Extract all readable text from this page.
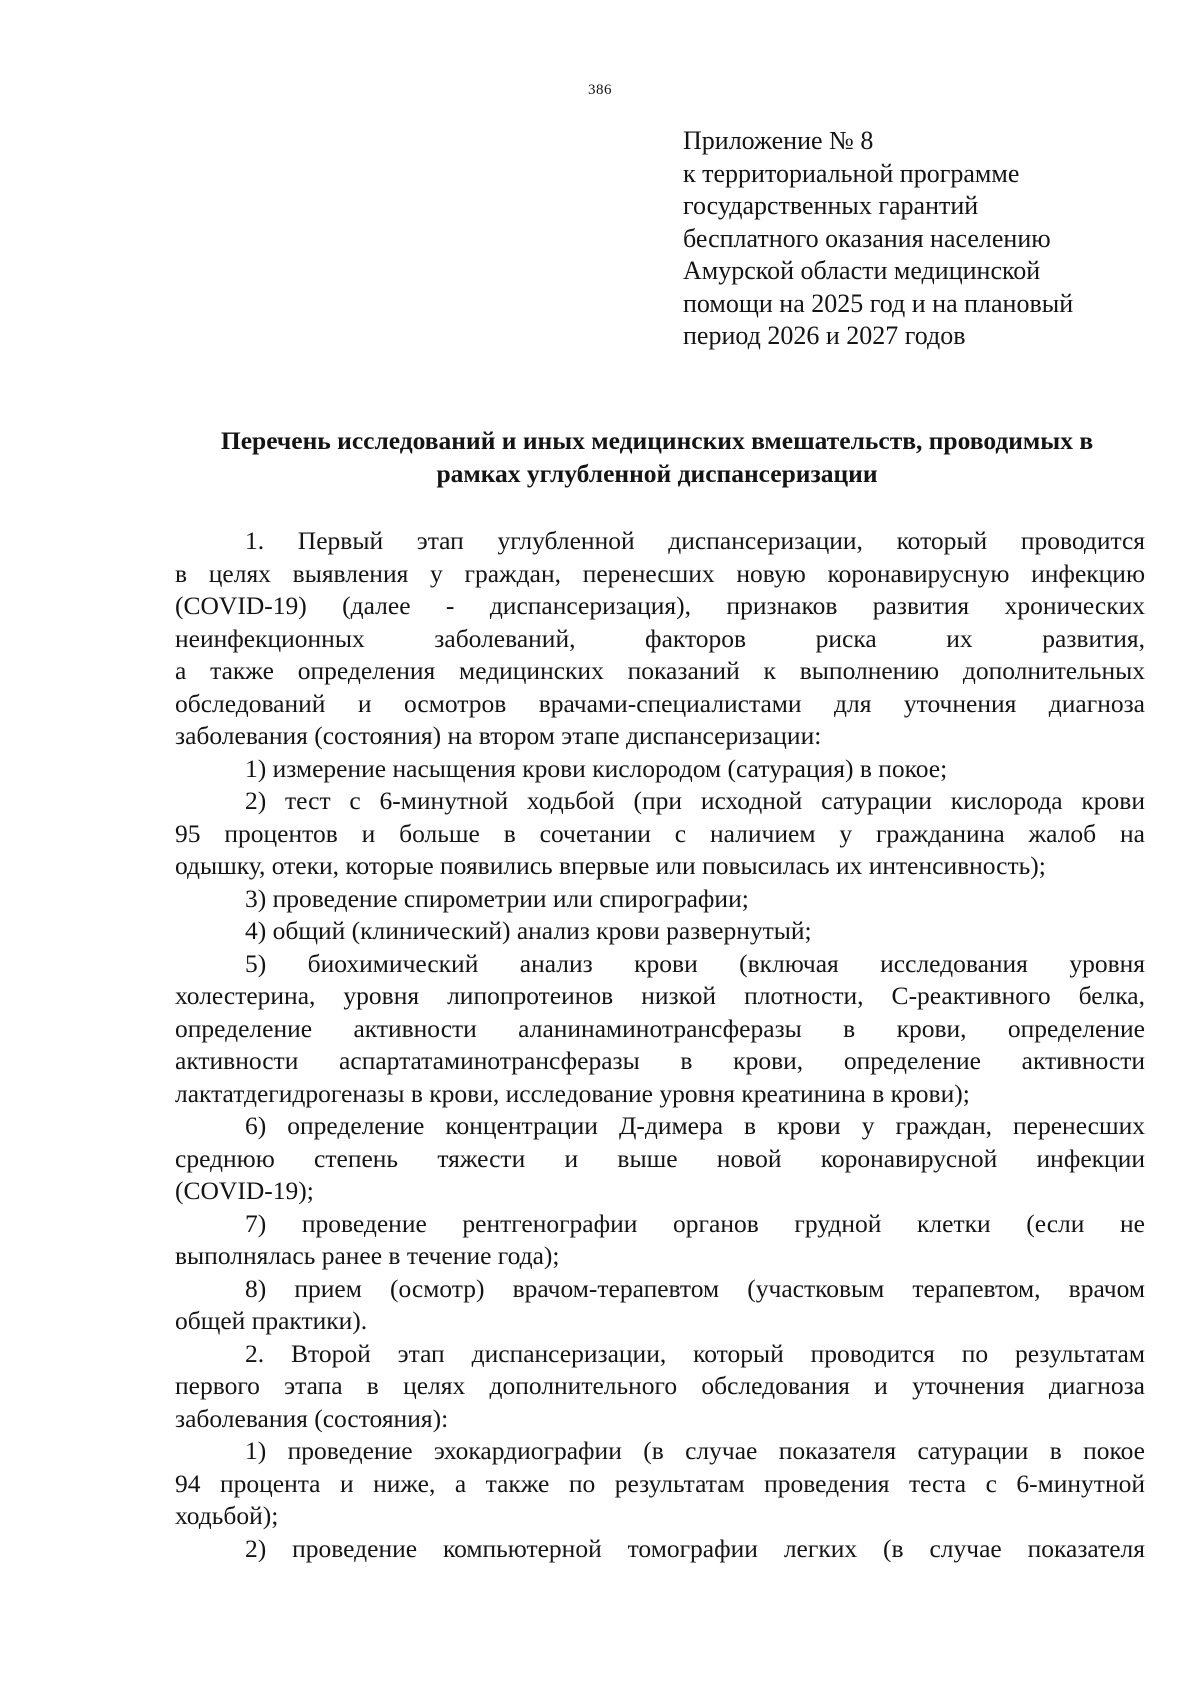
386
Приложение № 8
к территориальной программе
государственных гарантий
бесплатного оказания населению
Амурской области медицинской
помощи на 2025 год и на плановый
период 2026 и 2027 годов
Перечень исследований и иных медицинских вмешательств, проводимых в
рамках углубленной диспансеризации
1. Первый этап углубленной диспансеризации, который проводится
в целях выявления у граждан, перенесших новую коронавирусную инфекцию
(COVID-19) (далее - диспансеризация), признаков развития хронических
неинфекционных заболеваний, факторов риска их развития,
а также определения медицинских показаний к выполнению дополнительных
обследований и осмотров врачами-специалистами для уточнения диагноза
заболевания (состояния) на втором этапе диспансеризации:
1) измерение насыщения крови кислородом (сатурация) в покое;
2) тест с 6-минутной ходьбой (при исходной сатурации кислорода крови
95 процентов и больше в сочетании с наличием у гражданина жалоб на
одышку, отеки, которые появились впервые или повысилась их интенсивность);
3) проведение спирометрии или спирографии;
4) общий (клинический) анализ крови развернутый;
5) биохимический анализ крови (включая исследования уровня
холестерина, уровня липопротеинов низкой плотности, С-реактивного белка,
определение активности аланинаминотрансферазы в крови, определение
активности аспартатаминотрансферазы в крови, определение активности
лактатдегидрогеназы в крови, исследование уровня креатинина в крови);
6) определение концентрации Д-димера в крови у граждан, перенесших
среднюю степень тяжести и выше новой коронавирусной инфекции
(COVID-19);
7) проведение рентгенографии органов грудной клетки (если не
выполнялась ранее в течение года);
8) прием (осмотр) врачом-терапевтом (участковым терапевтом, врачом
общей практики).
2. Второй этап диспансеризации, который проводится по результатам
первого этапа в целях дополнительного обследования и уточнения диагноза
заболевания (состояния):
1) проведение эхокардиографии (в случае показателя сатурации в покое
94 процента и ниже, а также по результатам проведения теста с 6-минутной
ходьбой);
2) проведение компьютерной томографии легких (в случае показателя
